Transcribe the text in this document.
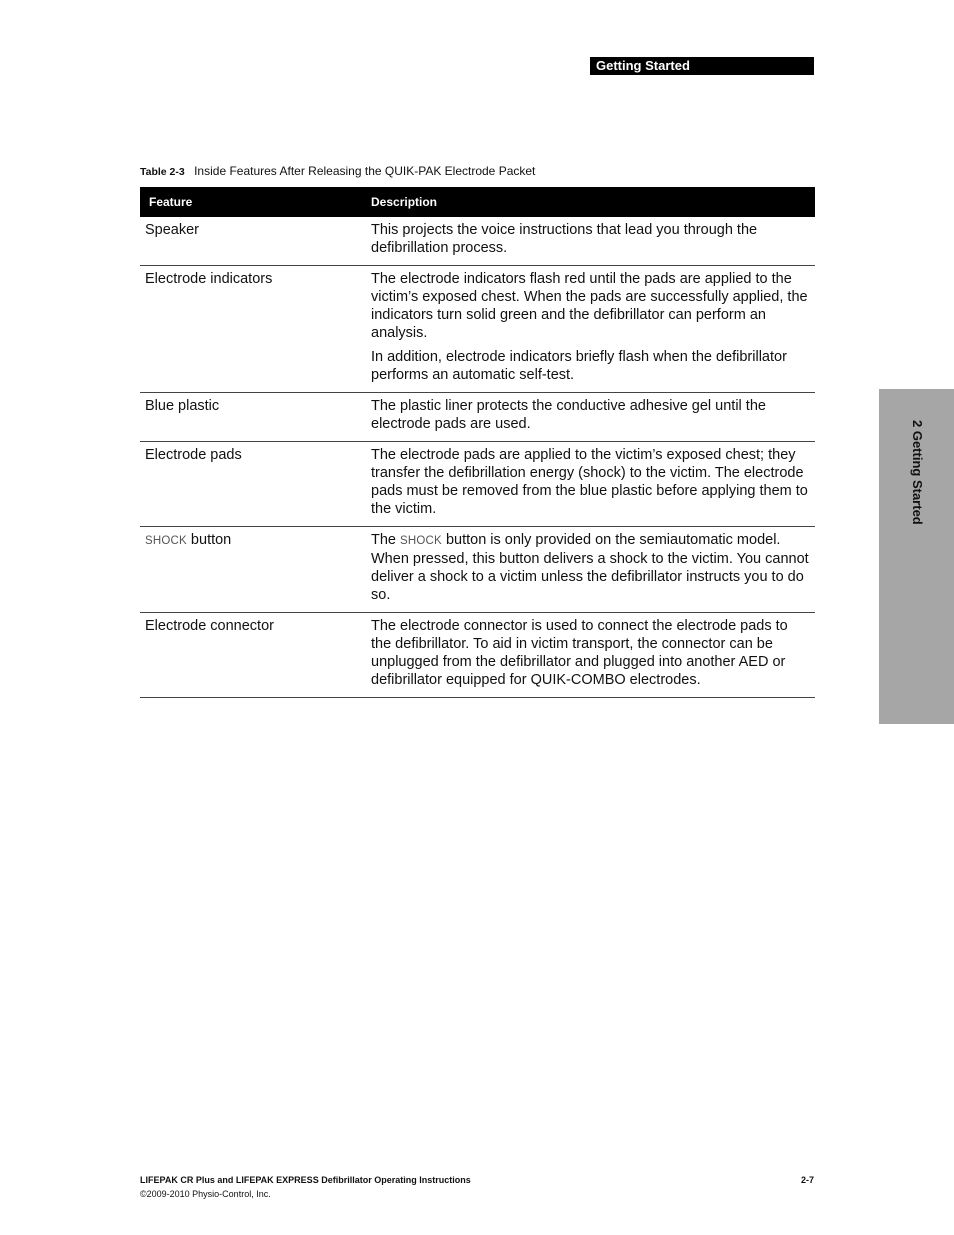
Getting Started
2 Getting Started
Table 2-3 Inside Features After Releasing the QUIK-PAK Electrode Packet
Feature	Description
Speaker	This projects the voice instructions that lead you through the defibrillation process.

Electrode indicators	The electrode indicators flash red until the pads are applied to the victim’s exposed chest. When the pads are successfully applied, the indicators turn solid green and the defibrillator can perform an analysis.

In addition, electrode indicators briefly flash when the defibrillator performs an automatic self-test.

Blue plastic	The plastic liner protects the conductive adhesive gel until the electrode pads are used.

Electrode pads	The electrode pads are applied to the victim’s exposed chest; they transfer the defibrillation energy (shock) to the victim. The electrode pads must be removed from the blue plastic before applying them to the victim.

SHOCK button	The SHOCK button is only provided on the semiautomatic model. When pressed, this button delivers a shock to the victim. You cannot deliver a shock to a victim unless the defibrillator instructs you to do so.

Electrode connector	The electrode connector is used to connect the electrode pads to the defibrillator. To aid in victim transport, the connector can be unplugged from the defibrillator and plugged into another AED or defibrillator equipped for QUIK-COMBO electrodes.

LIFEPAK CR Plus and LIFEPAK EXPRESS Defibrillator Operating Instructions	2-7
©2009-2010 Physio-Control, Inc.
